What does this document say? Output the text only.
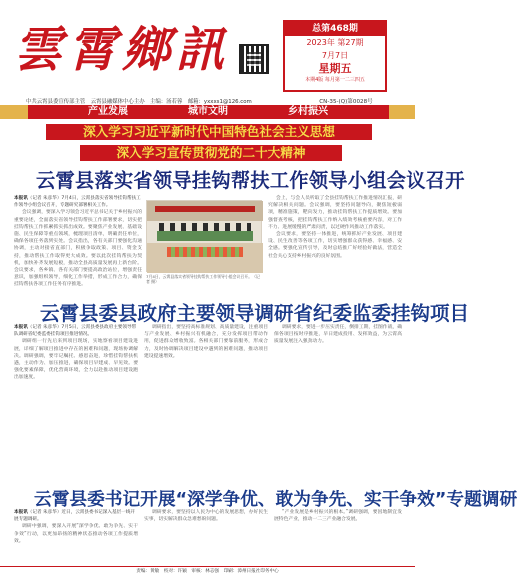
雲霄鄉訊	总第468期
2023年 第27期
7月7日
星期五
本期4版 每月第一二三四五
中共云霄县委宣传部主管　云霄县融媒体中心主办　主编：汤若蓉　邮箱：yxxxs1@126.com	CN-35-(Q)第0028号
产业发展	城市文明	乡村振兴
深入学习习近平新时代中国特色社会主义思想
深入学习宣传贯彻党的二十大精神
云霄县落实省领导挂钩帮扶工作领导小组会议召开
本报讯（记者 朱彦华）7月4日，云霄县落实省领导挂钩帮扶工作领导小组会议召开，专题研究部署相关工作。
会议强调，要深入学习领会习近平总书记关于乡村振兴的重要论述，全面落实省领导挂钩帮扶工作部署要求，切实把挂钩帮扶工作抓紧抓实抓出成效。要聚焦产业发展、基础设施、民生保障等重点领域，梳理项目清单，明确责任单位，确保各项任务落到实处。会议指出，各有关部门要强化沟通协调，主动对接省直部门，积极争取政策、项目、资金支持，推动帮扶工作取得更大成效。要以此次挂钩帮扶为契机，加快补齐发展短板，推动全县高质量发展再上新台阶。会议要求，各乡镇、各有关部门要提高政治站位，增强责任意识，加强组织领导，细化工作举措，形成工作合力，确保挂钩帮扶各项工作任务有序推进。
7月4日，云霄县落实省领导挂钩帮扶工作领导小组会议召开。（记者 摄）
会上，与会人员听取了全县挂钩帮扶工作推进情况汇报，研究解决相关问题。会议强调，要坚持问题导向，聚焦短板弱项，精准施策，靶向发力，推动挂钩帮扶工作提质增效。要加强督查考核，把挂钩帮扶工作纳入绩效考核重要内容，对工作不力、进展缓慢的严肃问责，以过硬作风推动工作落实。
会议要求，要坚持一体推进，统筹抓好产业发展、项目建设、民生改善等各项工作，切实增强群众获得感、幸福感、安全感。要强化宣传引导，及时总结推广好经验好做法，营造全社会关心支持乡村振兴的良好氛围。
云霄县委县政府主要领导调研省纪委监委挂钩项目
本报讯（记者 朱彦华）7月5日，云霄县委县政府主要领导带队调研省纪委监委挂钩项目推进情况。
调研组一行先后来到项目现场，实地察看项目建设进展，详细了解项目推进中存在的困难和问题，现场协调解决。调研强调，要牢记嘱托、感恩奋进，珍惜挂钩帮扶机遇，主动作为、加压推进，确保项目早建成、早见效。要强化要素保障，优化营商环境，全力以赴推动项目建设跑出加速度。
调研指出，要坚持高标准规划、高质量建设，注重项目与产业发展、乡村振兴有机融合，充分发挥项目带动作用，促进群众增收致富。各相关部门要靠前服务，形成合力，及时协调解决项目建设中遇到的困难问题，推动项目建设提速增效。
调研要求，要进一步压实责任，倒排工期，挂图作战，确保各项目按时序推进，早日建成投用、发挥效益，为云霄高质量发展注入强劲动力。
云霄县委书记开展“深学争优、敢为争先、实干争效”专题调研
本报讯（记者 朱彦华）近日，云霄县委书记深入基层一线开展专题调研。
调研中强调，要深入开展“深学争优、敢为争先、实干争效”行动，以更加昂扬的精神状态推动各项工作提质增效。
调研要求，要坚持以人民为中心的发展思想，办好民生实事，切实解决群众急难愁盼问题。
“产业发展是乡村振兴的根本。”调研强调，要因地制宜发展特色产业，推动一二三产业融合发展。
责编：黄敏　校对：许颖　审核：林志强　印刷：漳州日报社印务中心
